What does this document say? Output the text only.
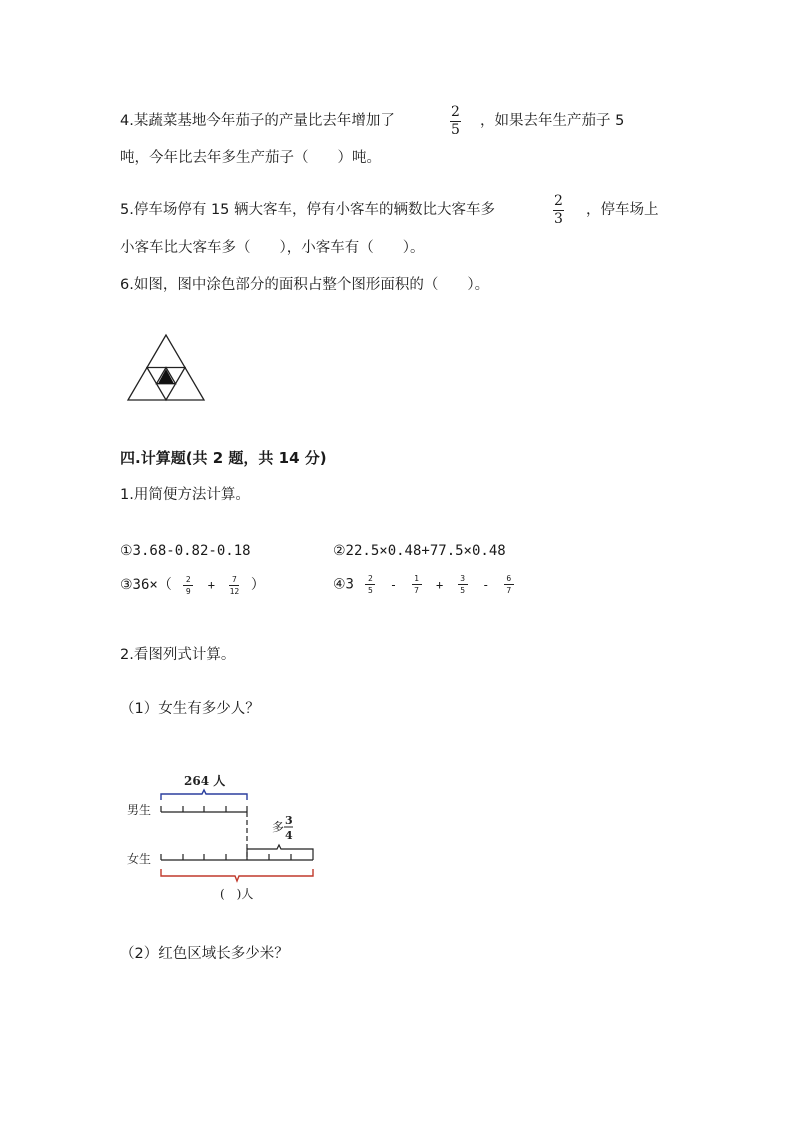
4.某蔬菜基地今年茄子的产量比去年增加了
2
5
，如果去年生产茄子 5
吨，今年比去年多生产茄子（　　）吨。
5.停车场停有 15 辆大客车，停有小客车的辆数比大客车多
2
3
，停车场上
小客车比大客车多（　　），小客车有（　　）。
6.如图，图中涂色部分的面积占整个图形面积的（　　）。
四.计算题(共 2 题，共 14 分)
1.用简便方法计算。
①3.68-0.82-0.18	②22.5×0.48+77.5×0.48
③36×（ $\frac{2}{9} + \frac{7}{12}$ ）	④3 $\frac{2}{5} - \frac{1}{7} + \frac{3}{5} - \frac{6}{7}$
2.看图列式计算。
（1）女生有多少人？
男生
264 人
多 3
4
女生
(　)人
（2）红色区域长多少米？
